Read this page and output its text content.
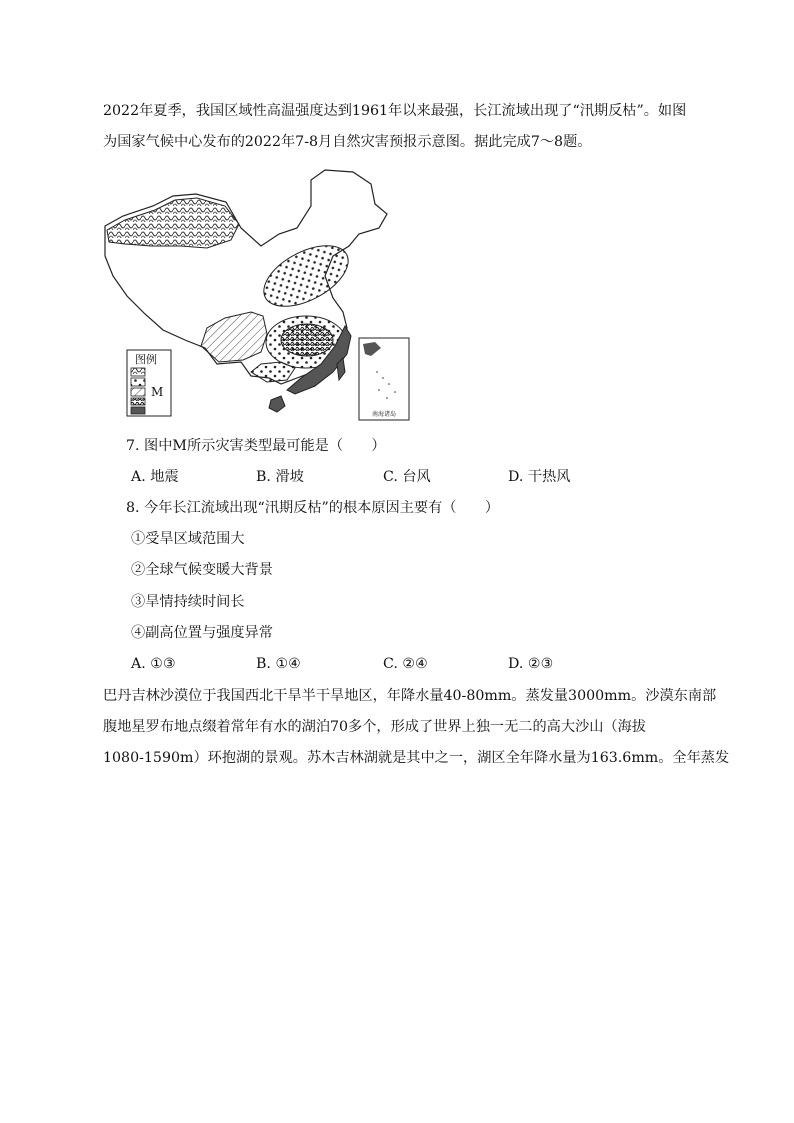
2022年夏季，我国区域性高温强度达到1961年以来最强，长江流域出现了“汛期反枯”。如图
为国家气候中心发布的2022年7-8月自然灾害预报示意图。据此完成7～8题。
图例
M
南海诸岛
7. 图中M所示灾害类型最可能是（　　）
A. 地震	B. 滑坡	C. 台风	D. 干热风
8. 今年长江流域出现“汛期反枯”的根本原因主要有（　　）
①受旱区域范围大
②全球气候变暖大背景
③旱情持续时间长
④副高位置与强度异常
A. ①③	B. ①④	C. ②④	D. ②③
巴丹吉林沙漠位于我国西北干旱半干旱地区，年降水量40-80mm。蒸发量3000mm。沙漠东南部
腹地星罗布地点缀着常年有水的湖泊70多个，形成了世界上独一无二的高大沙山（海拔
1080-1590m）环抱湖的景观。苏木吉林湖就是其中之一，湖区全年降水量为163.6mm。全年蒸发
